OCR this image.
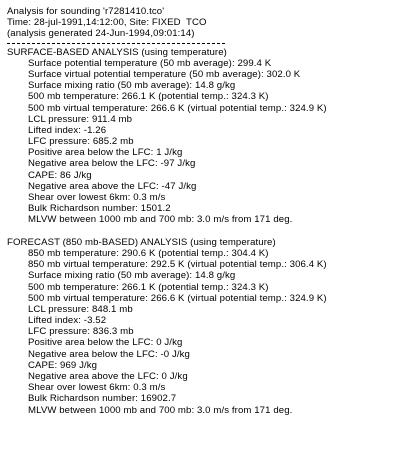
Analysis for sounding 'r7281410.tco'
Time: 28-jul-1991,14:12:00, Site: FIXED  TCO
(analysis generated 24-Jun-1994,09:01:14)
SURFACE-BASED ANALYSIS (using temperature)
Surface potential temperature (50 mb average): 299.4 K
Surface virtual potential temperature (50 mb average): 302.0 K
Surface mixing ratio (50 mb average): 14.8 g/kg
500 mb temperature: 266.1 K (potential temp.: 324.3 K)
500 mb virtual temperature: 266.6 K (virtual potential temp.: 324.9 K)
LCL pressure: 911.4 mb
Lifted index: -1.26
LFC pressure: 685.2 mb
Positive area below the LFC: 1 J/kg
Negative area below the LFC: -97 J/kg
CAPE: 86 J/kg
Negative area above the LFC: -47 J/kg
Shear over lowest 6km: 0.3 m/s
Bulk Richardson number: 1501.2
MLVW between 1000 mb and 700 mb: 3.0 m/s from 171 deg.
FORECAST (850 mb-BASED) ANALYSIS (using temperature)
850 mb temperature: 290.6 K (potential temp.: 304.4 K)
850 mb virtual temperature: 292.5 K (virtual potential temp.: 306.4 K)
Surface mixing ratio (50 mb average): 14.8 g/kg
500 mb temperature: 266.1 K (potential temp.: 324.3 K)
500 mb virtual temperature: 266.6 K (virtual potential temp.: 324.9 K)
LCL pressure: 848.1 mb
Lifted index: -3.52
LFC pressure: 836.3 mb
Positive area below the LFC: 0 J/kg
Negative area below the LFC: -0 J/kg
CAPE: 969 J/kg
Negative area above the LFC: 0 J/kg
Shear over lowest 6km: 0.3 m/s
Bulk Richardson number: 16902.7
MLVW between 1000 mb and 700 mb: 3.0 m/s from 171 deg.
